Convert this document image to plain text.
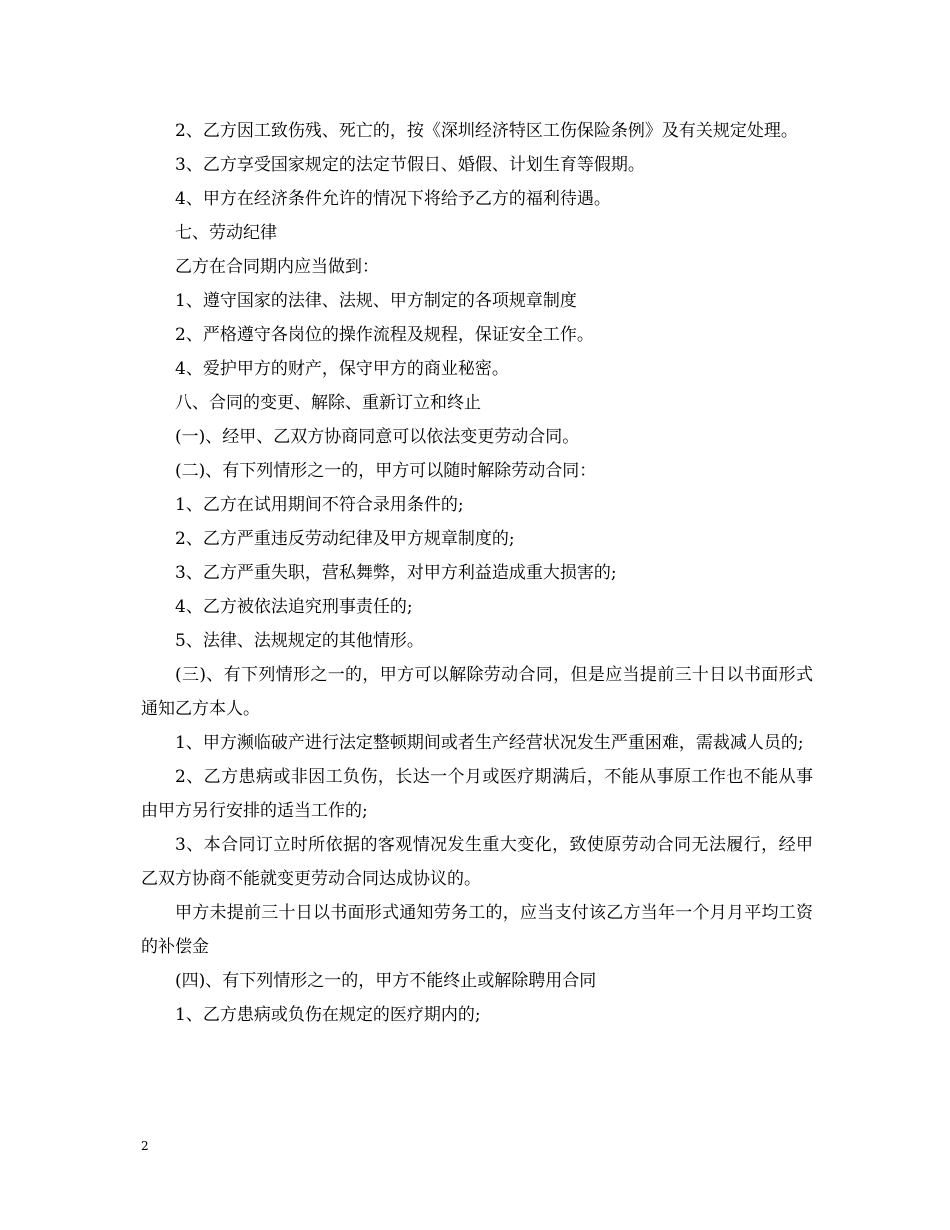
2、乙方因工致伤残、死亡的，按《深圳经济特区工伤保险条例》及有关规定处理。

3、乙方享受国家规定的法定节假日、婚假、计划生育等假期。

4、甲方在经济条件允许的情况下将给予乙方的福利待遇。

七、劳动纪律

乙方在合同期内应当做到：

1、遵守国家的法律、法规、甲方制定的各项规章制度

2、严格遵守各岗位的操作流程及规程，保证安全工作。

4、爱护甲方的财产，保守甲方的商业秘密。

八、合同的变更、解除、重新订立和终止

(一)、经甲、乙双方协商同意可以依法变更劳动合同。

(二)、有下列情形之一的，甲方可以随时解除劳动合同：

1、乙方在试用期间不符合录用条件的;

2、乙方严重违反劳动纪律及甲方规章制度的;

3、乙方严重失职，营私舞弊，对甲方利益造成重大损害的;

4、乙方被依法追究刑事责任的;

5、法律、法规规定的其他情形。

(三)、有下列情形之一的，甲方可以解除劳动合同，但是应当提前三十日以书面形式通知乙方本人。

1、甲方濒临破产进行法定整顿期间或者生产经营状况发生严重困难，需裁减人员的;

2、乙方患病或非因工负伤，长达一个月或医疗期满后，不能从事原工作也不能从事由甲方另行安排的适当工作的;

3、本合同订立时所依据的客观情况发生重大变化，致使原劳动合同无法履行，经甲乙双方协商不能就变更劳动合同达成协议的。

甲方未提前三十日以书面形式通知劳务工的，应当支付该乙方当年一个月月平均工资的补偿金

(四)、有下列情形之一的，甲方不能终止或解除聘用合同

1、乙方患病或负伤在规定的医疗期内的;

2
